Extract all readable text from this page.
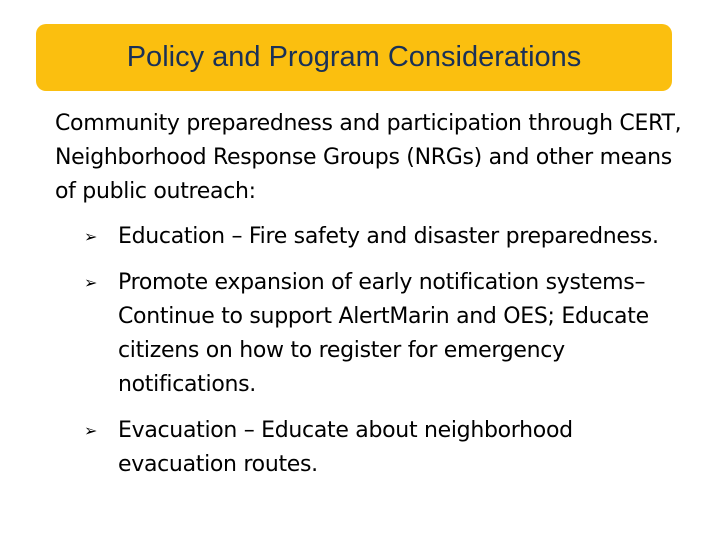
Policy and Program Considerations
Community preparedness and participation through CERT, Neighborhood Response Groups (NRGs) and other means of public outreach:
➢ Education – Fire safety and disaster preparedness.
➢ Promote expansion of early notification systems– Continue to support AlertMarin and OES; Educate citizens on how to register for emergency notifications.
➢ Evacuation – Educate about neighborhood evacuation routes.
